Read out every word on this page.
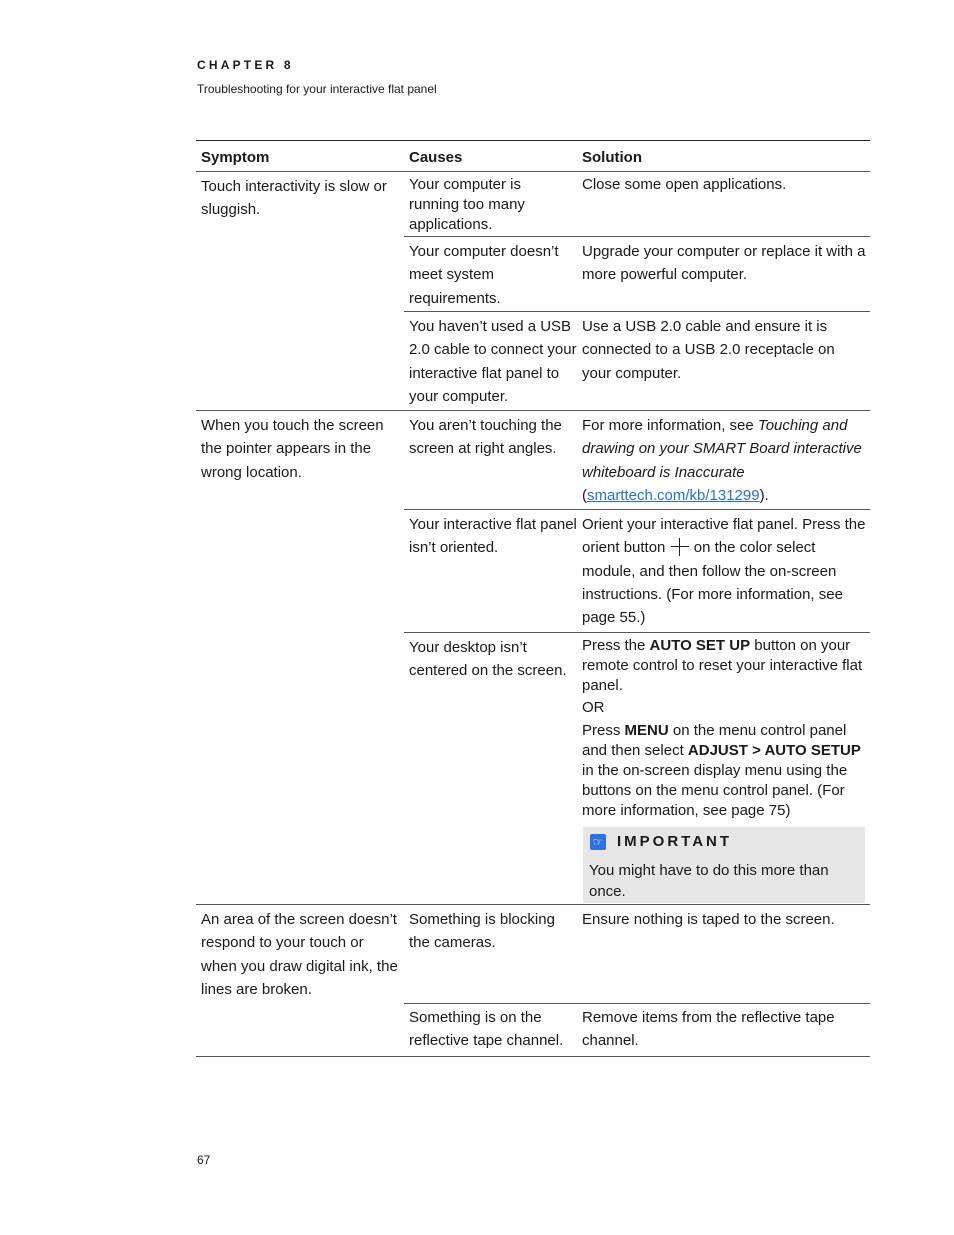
CHAPTER 8
Troubleshooting for your interactive flat panel
Symptom	Causes	Solution
Touch interactivity is slow or sluggish.
Your computer is running too many applications.
Close some open applications.
Your computer doesn’t meet system requirements.
Upgrade your computer or replace it with a more powerful computer.
You haven’t used a USB 2.0 cable to connect your interactive flat panel to your computer.
Use a USB 2.0 cable and ensure it is connected to a USB 2.0 receptacle on your computer.
When you touch the screen the pointer appears in the wrong location.
You aren’t touching the screen at right angles.
For more information, see Touching and drawing on your SMART Board interactive whiteboard is Inaccurate (smarttech.com/kb/131299).
Your interactive flat panel isn’t oriented.
Orient your interactive flat panel. Press the orient button
on the color select module, and then follow the on-screen instructions. (For more information, see page 55.)
Your desktop isn’t centered on the screen.
Press the AUTO SET UP button on your remote control to reset your interactive flat panel.
OR
Press MENU on the menu control panel and then select ADJUST > AUTO SETUP in the on-screen display menu using the buttons on the menu control panel. (For more information, see page 75)
☞ IMPORTANT
You might have to do this more than once.
An area of the screen doesn’t respond to your touch or when you draw digital ink, the lines are broken.
Something is blocking the cameras.
Ensure nothing is taped to the screen.
Something is on the reflective tape channel.
Remove items from the reflective tape channel.
67
